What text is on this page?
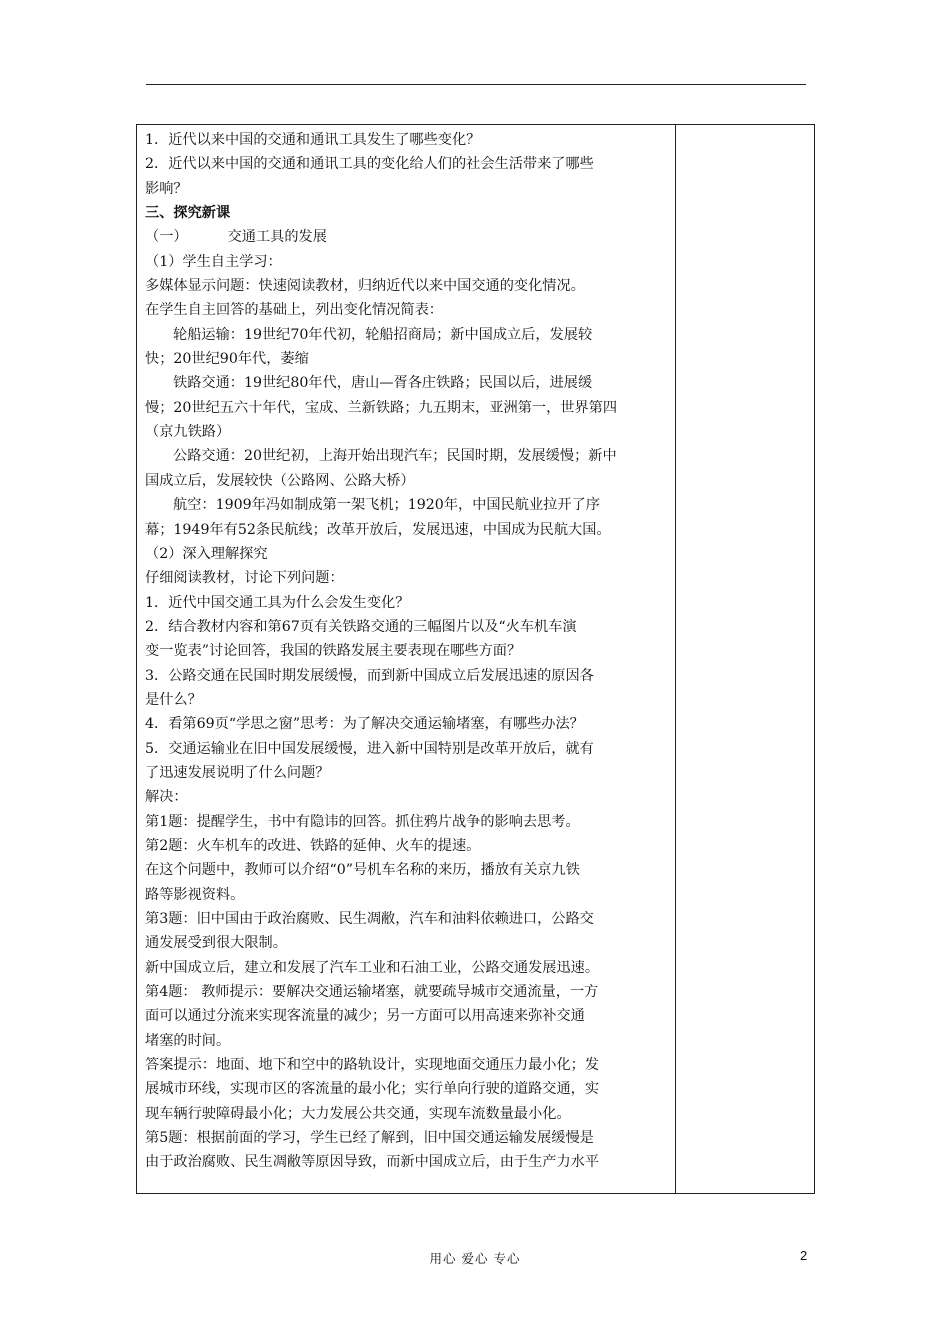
1．近代以来中国的交通和通讯工具发生了哪些变化？

2．近代以来中国的交通和通讯工具的变化给人们的社会生活带来了哪些

影响？

三、探究新课

（一）	交通工具的发展

（1）学生自主学习：

多媒体显示问题：快速阅读教材，归纳近代以来中国交通的变化情况。

在学生自主回答的基础上，列出变化情况简表：

轮船运输：19世纪70年代初，轮船招商局；新中国成立后，发展较

快；20世纪90年代，萎缩

铁路交通：19世纪80年代，唐山—胥各庄铁路；民国以后，进展缓

慢；20世纪五六十年代，宝成、兰新铁路；九五期末，亚洲第一，世界第四

（京九铁路）

公路交通：20世纪初，上海开始出现汽车；民国时期，发展缓慢；新中

国成立后，发展较快（公路网、公路大桥）

航空：1909年冯如制成第一架飞机；1920年，中国民航业拉开了序

幕；1949年有52条民航线；改革开放后，发展迅速，中国成为民航大国。

（2）深入理解探究

仔细阅读教材，讨论下列问题：

1．近代中国交通工具为什么会发生变化？

2．结合教材内容和第67页有关铁路交通的三幅图片以及“火车机车演

变一览表”讨论回答，我国的铁路发展主要表现在哪些方面？

3．公路交通在民国时期发展缓慢，而到新中国成立后发展迅速的原因各

是什么？

4．看第69页“学思之窗”思考：为了解决交通运输堵塞，有哪些办法？

5．交通运输业在旧中国发展缓慢，进入新中国特别是改革开放后，就有

了迅速发展说明了什么问题？

解决：

第1题：提醒学生，书中有隐讳的回答。抓住鸦片战争的影响去思考。

第2题：火车机车的改进、铁路的延伸、火车的提速。

在这个问题中，教师可以介绍“0”号机车名称的来历，播放有关京九铁

路等影视资料。

第3题：旧中国由于政治腐败、民生凋敝，汽车和油料依赖进口，公路交

通发展受到很大限制。

新中国成立后，建立和发展了汽车工业和石油工业，公路交通发展迅速。

第4题： 教师提示：要解决交通运输堵塞，就要疏导城市交通流量，一方

面可以通过分流来实现客流量的减少；另一方面可以用高速来弥补交通

堵塞的时间。

答案提示：地面、地下和空中的路轨设计，实现地面交通压力最小化；发

展城市环线，实现市区的客流量的最小化；实行单向行驶的道路交通，实

现车辆行驶障碍最小化；大力发展公共交通，实现车流数量最小化。

第5题：根据前面的学习，学生已经了解到，旧中国交通运输发展缓慢是

由于政治腐败、民生凋敝等原因导致，而新中国成立后，由于生产力水平

用心 爱心 专心	2
